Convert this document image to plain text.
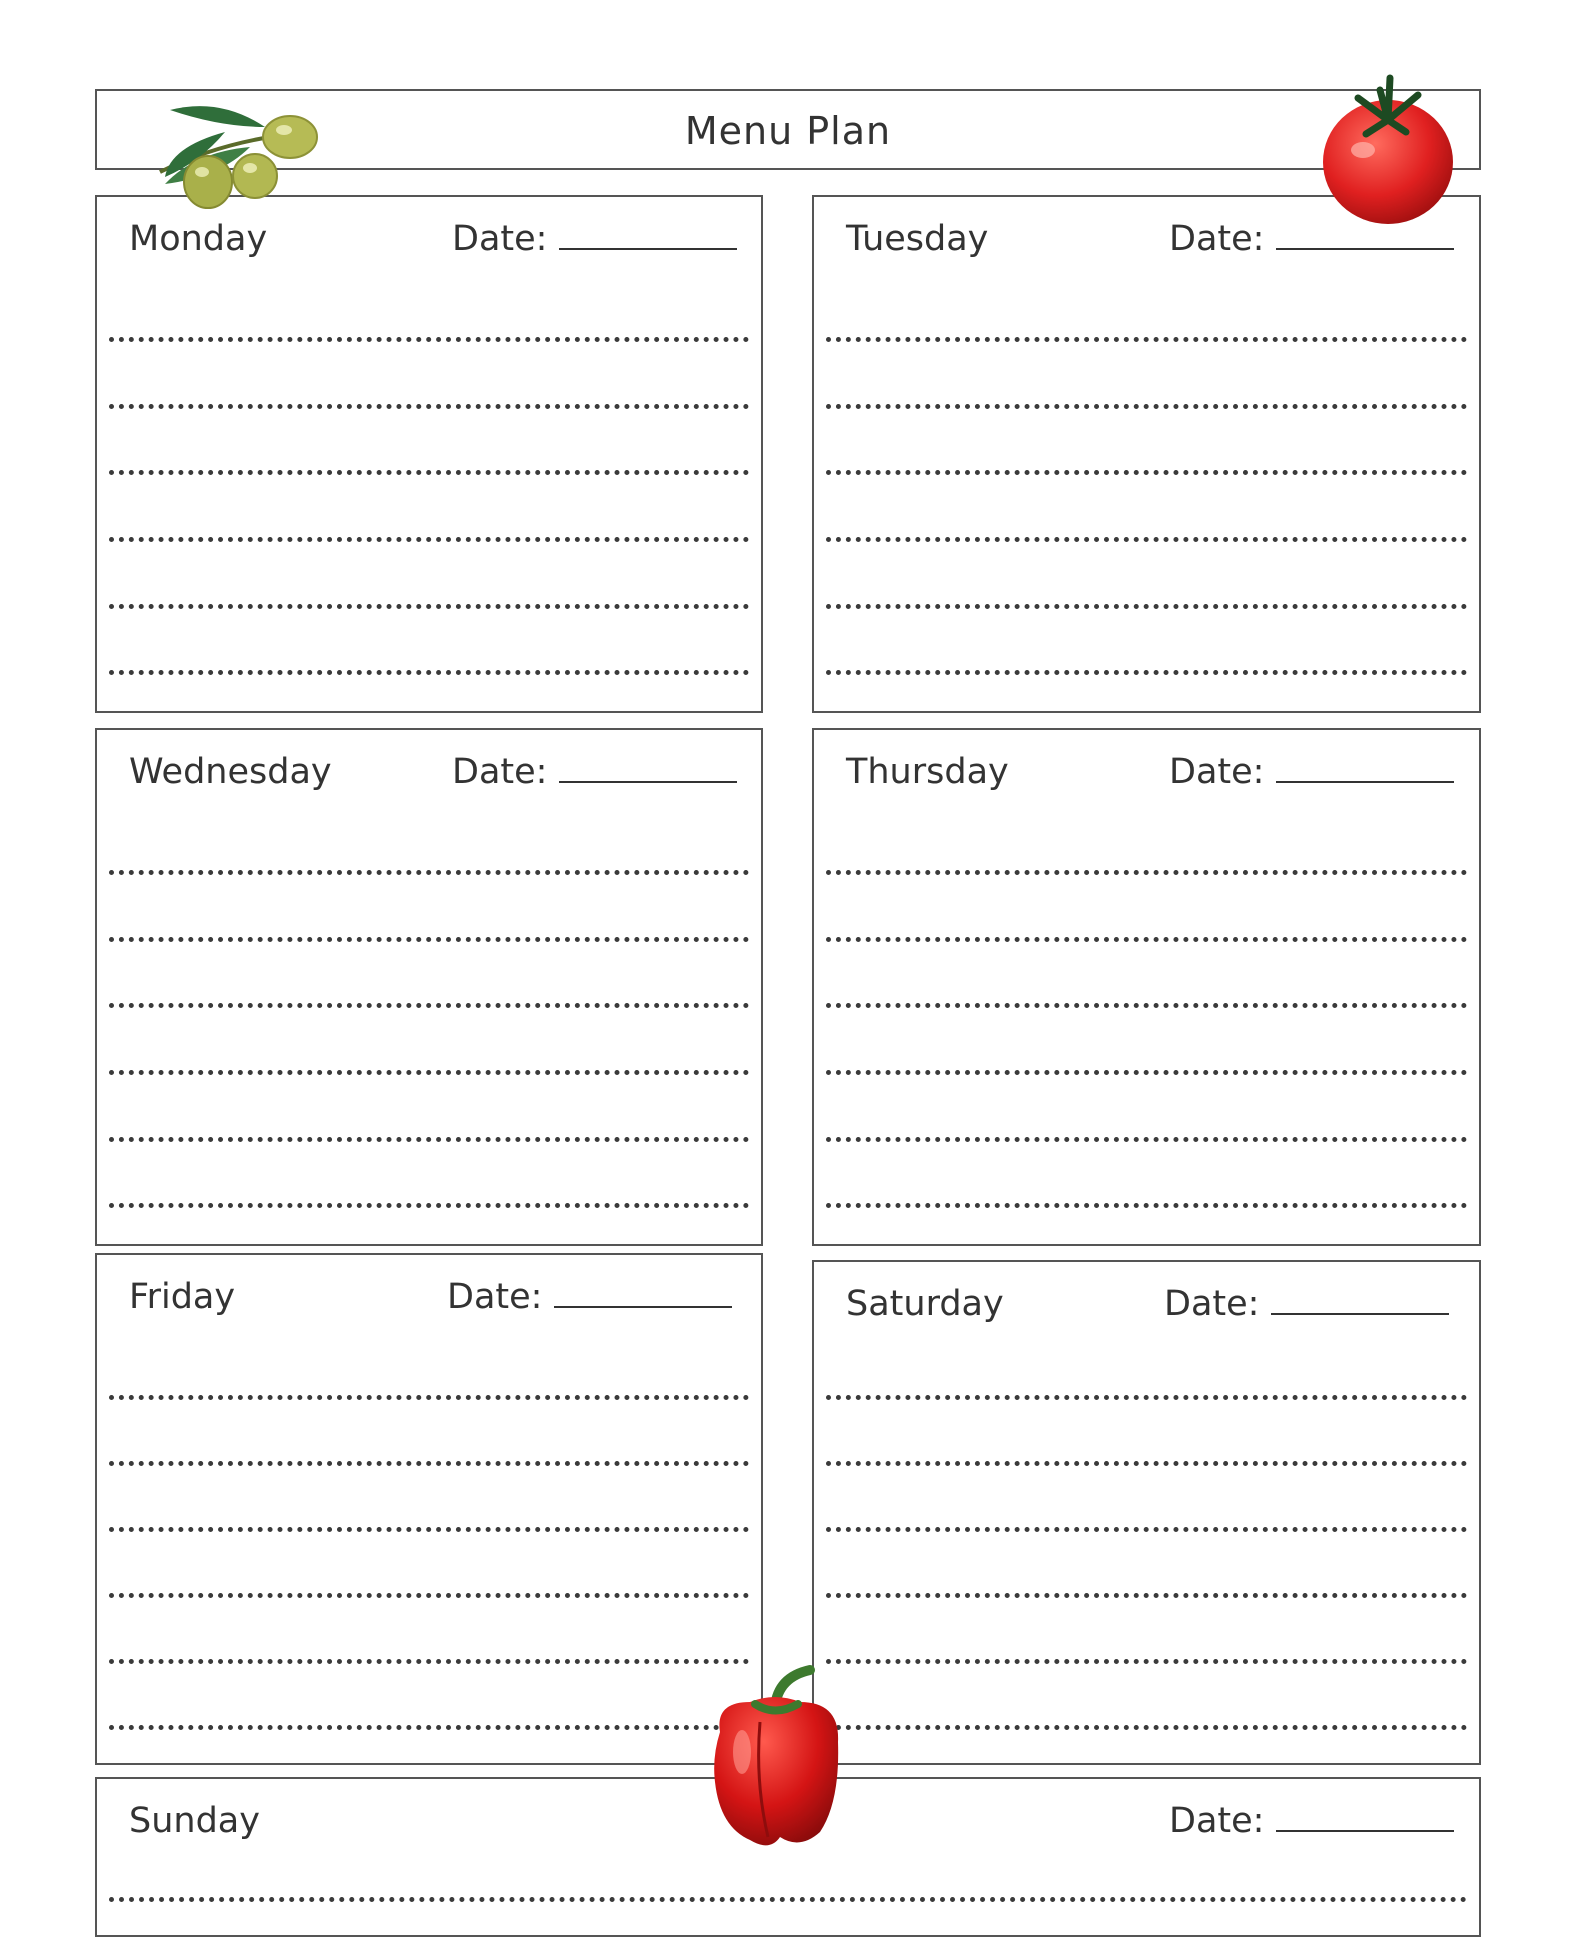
Menu Plan
Monday	Date:	Tuesday	Date:
Wednesday	Date:	Thursday	Date:
Friday	Date:	Saturday	Date:
Sunday	Date:
